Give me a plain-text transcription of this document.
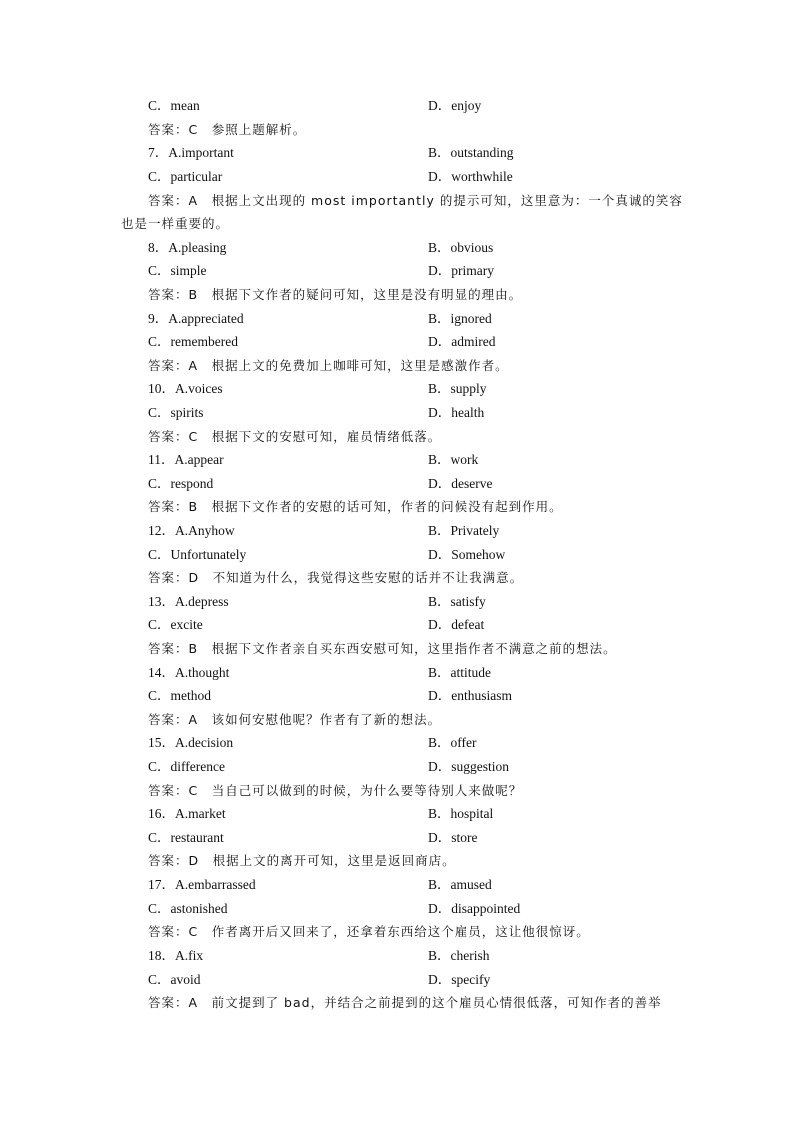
C．mean	D．enjoy
答案：C　参照上题解析。
7．A.important	B．outstanding
C．particular	D．worthwhile
答案：A　根据上文出现的 most importantly 的提示可知，这里意为：一个真诚的笑容
也是一样重要的。
8．A.pleasing	B．obvious
C．simple	D．primary
答案：B　根据下文作者的疑问可知，这里是没有明显的理由。
9．A.appreciated	B．ignored
C．remembered	D．admired
答案：A　根据上文的免费加上咖啡可知，这里是感激作者。
10．A.voices	B．supply
C．spirits	D．health
答案：C　根据下文的安慰可知，雇员情绪低落。
11．A.appear	B．work
C．respond	D．deserve
答案：B　根据下文作者的安慰的话可知，作者的问候没有起到作用。
12．A.Anyhow	B．Privately
C．Unfortunately	D．Somehow
答案：D　不知道为什么，我觉得这些安慰的话并不让我满意。
13．A.depress	B．satisfy
C．excite	D．defeat
答案：B　根据下文作者亲自买东西安慰可知，这里指作者不满意之前的想法。
14．A.thought	B．attitude
C．method	D．enthusiasm
答案：A　该如何安慰他呢？作者有了新的想法。
15．A.decision	B．offer
C．difference	D．suggestion
答案：C　当自己可以做到的时候，为什么要等待别人来做呢？
16．A.market	B．hospital
C．restaurant	D．store
答案：D　根据上文的离开可知，这里是返回商店。
17．A.embarrassed	B．amused
C．astonished	D．disappointed
答案：C　作者离开后又回来了，还拿着东西给这个雇员，这让他很惊讶。
18．A.fix	B．cherish
C．avoid	D．specify
答案：A　前文提到了 bad，并结合之前提到的这个雇员心情很低落，可知作者的善举
